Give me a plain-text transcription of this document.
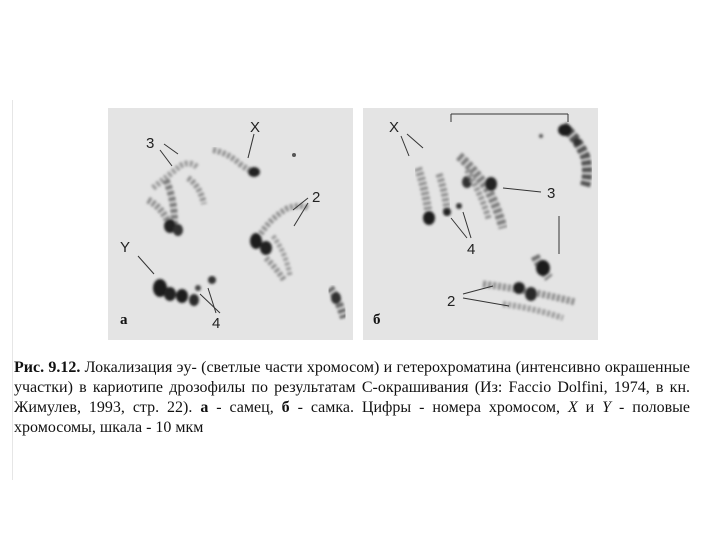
3
X
2
Y
4
а
X
3
4
2
б
Рис. 9.12. Локализация эу- (светлые части хромосом) и гетерохроматина (интенсивно окрашенные участки) в кариотипе дрозофилы по результатам С-окрашивания (Из: Faccio Dolfini, 1974, в кн. Жимулев, 1993, стр. 22). а - самец, б - самка. Цифры - номера хромосом, X и Y - половые хромосомы, шкала - 10 мкм
